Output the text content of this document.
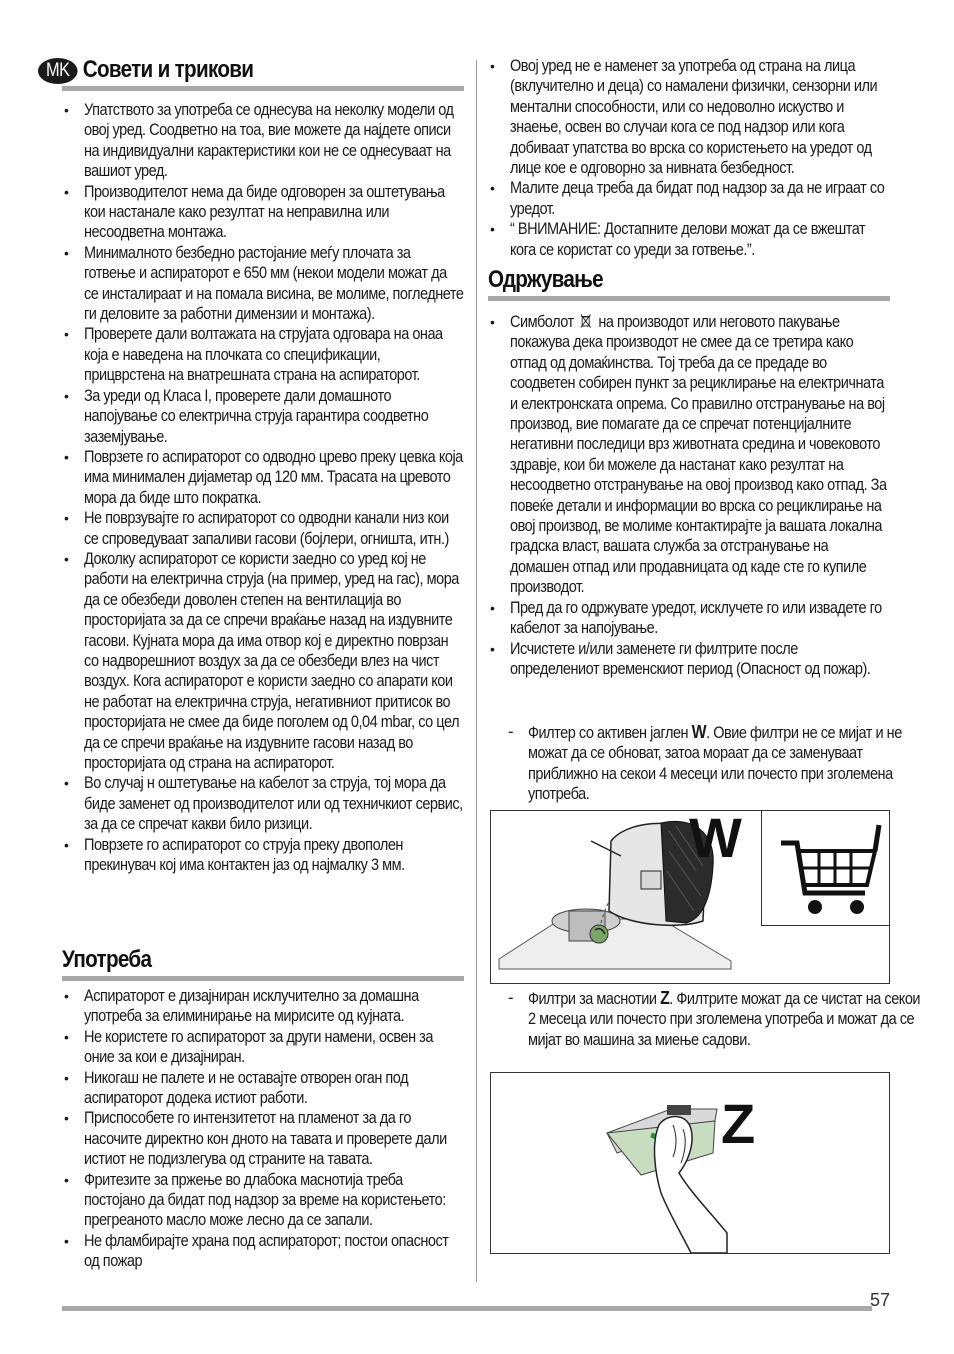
MK Совети и трикови
• Упатството за употреба се однесува на неколку модели од овој уред. Соодветно на тоа, вие можете да најдете описи на индивидуални карактеристики кои не се однесуваат на вашиот уред.
• Производителот нема да биде одговорен за оштетувања кои настанале како резултат на неправилна или несоодветна монтажа.
• Минималното безбедно растојание меѓу плочата за готвење и аспираторот е 650 мм (некои модели можат да се инсталираат и на помала висина, ве молиме, погледнете ги деловите за работни димензии и монтажа).
• Проверете дали волтажата на струјата одговара на онаа која е наведена на плочката со спецификации, прицврстена на внатрешната страна на аспираторот.
• За уреди од Класа I, проверете дали домашното напојување со електрична струја гарантира соодветно заземјување.
• Поврзете го аспираторот со одводно црево преку цевка која има минимален дијаметар од 120 мм. Трасата на цревото мора да биде што пократка.
• Не поврзувајте го аспираторот со одводни канали низ кои се спроведуваат запаливи гасови (бојлери, огништа, итн.)
• Доколку аспираторот се користи заедно со уред кој не работи на електрична струја (на пример, уред на гас), мора да се обезбеди доволен степен на вентилација во просторијата за да се спречи враќање назад на издувните гасови. Кујната мора да има отвор кој е директно поврзан со надворешниот воздух за да се обезбеди влез на чист воздух. Кога аспираторот е користи заедно со апарати кои не работат на електрична струја, негативниот притисок во просторијата не смее да биде поголем од 0,04 mbar, со цел да се спречи враќање на издувните гасови назад во просторијата од страна на аспираторот.
• Во случај н оштетување на кабелот за струја, тој мора да биде заменет од производителот или од техничкиот сервис, за да се спречат какви било ризици.
• Поврзете го аспираторот со струја преку двополен прекинувач кој има контактен јаз од најмалку 3 мм.
Употреба
• Аспираторот е дизајниран исклучително за домашна употреба за елиминирање на мирисите од кујната.
• Не користете го аспираторот за други намени, освен за оние за кои е дизајниран.
• Никогаш не палете и не оставајте отворен оган под аспираторот додека истиот работи.
• Приспособете го интензитетот на пламенот за да го насочите директно кон дното на тавата и проверете дали истиот не подизлегува од страните на тавата.
• Фритезите за пржење во длабока маснотија треба постојано да бидат под надзор за време на користењето: прегреаното масло може лесно да се запали.
• Не фламбирајте храна под аспираторот; постои опасност од пожар
• Овој уред не е наменет за употреба од страна на лица (вклучително и деца) со намалени физички, сензорни или ментални способности, или со недоволно искуство и знаење, освен во случаи кога се под надзор или кога добиваат упатства во врска со користењето на уредот од лице кое е одговорно за нивната безбедност.
• Малите деца треба да бидат под надзор за да не играат со уредот.
• “ ВНИМАНИЕ: Достапните делови можат да се вжештат кога се користат со уреди за готвење.”.
Одржување
• Симболот на производот или неговото пакување покажува дека производот не смее да се третира како отпад од домаќинства. Тој треба да се предаде во соодветен собирен пункт за рециклирање на електричната и електронската опрема. Со правилно отстранување на вој производ, вие помагате да се спречат потенцијалните негативни последици врз животната средина и човековото здравје, кои би можеле да настанат како резултат на несоодветно отстранување на овој производ како отпад. За повеќе детали и информации во врска со рециклирање на овој производ, ве молиме контактирајте ја вашата локална градска власт, вашата служба за отстранување на домашен отпад или продавницата од каде сте го купиле производот.
• Пред да го одржувате уредот, исклучете го или извадете го кабелот за напојување.
• Исчистете и/или заменете ги филтрите после определениот временскиот период (Опасност од пожар).
- Филтер со активен јаглен W. Овие филтри не се мијат и не можат да се обноват, затоа мораат да се заменуваат приближно на секои 4 месеци или почесто при зголемена употреба.
W
- Филтри за маснотии Z. Филтрите можат да се чистат на секои 2 месеца или почесто при зголемена употреба и можат да се мијат во машина за миење садови.
Z
57
